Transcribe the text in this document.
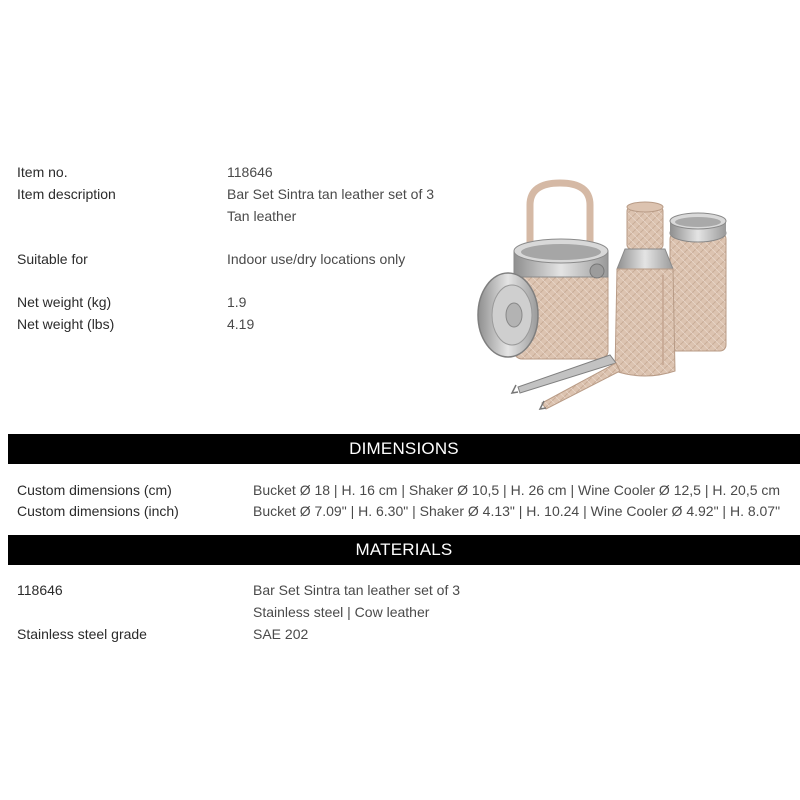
Item no.	118646
Item description	Bar Set Sintra tan leather set of 3
Tan leather
Suitable for	Indoor use/dry locations only
Net weight (kg)	1.9
Net weight (lbs)	4.19
DIMENSIONS
Custom dimensions (cm)	Bucket Ø 18 | H. 16 cm | Shaker Ø 10,5 | H. 26 cm | Wine Cooler Ø 12,5 | H. 20,5 cm
Custom dimensions (inch)	Bucket Ø 7.09" | H. 6.30" | Shaker Ø 4.13" | H. 10.24 | Wine Cooler Ø 4.92" | H. 8.07"
MATERIALS
118646	Bar Set Sintra tan leather set of 3
Stainless steel | Cow leather
Stainless steel grade	SAE 202
